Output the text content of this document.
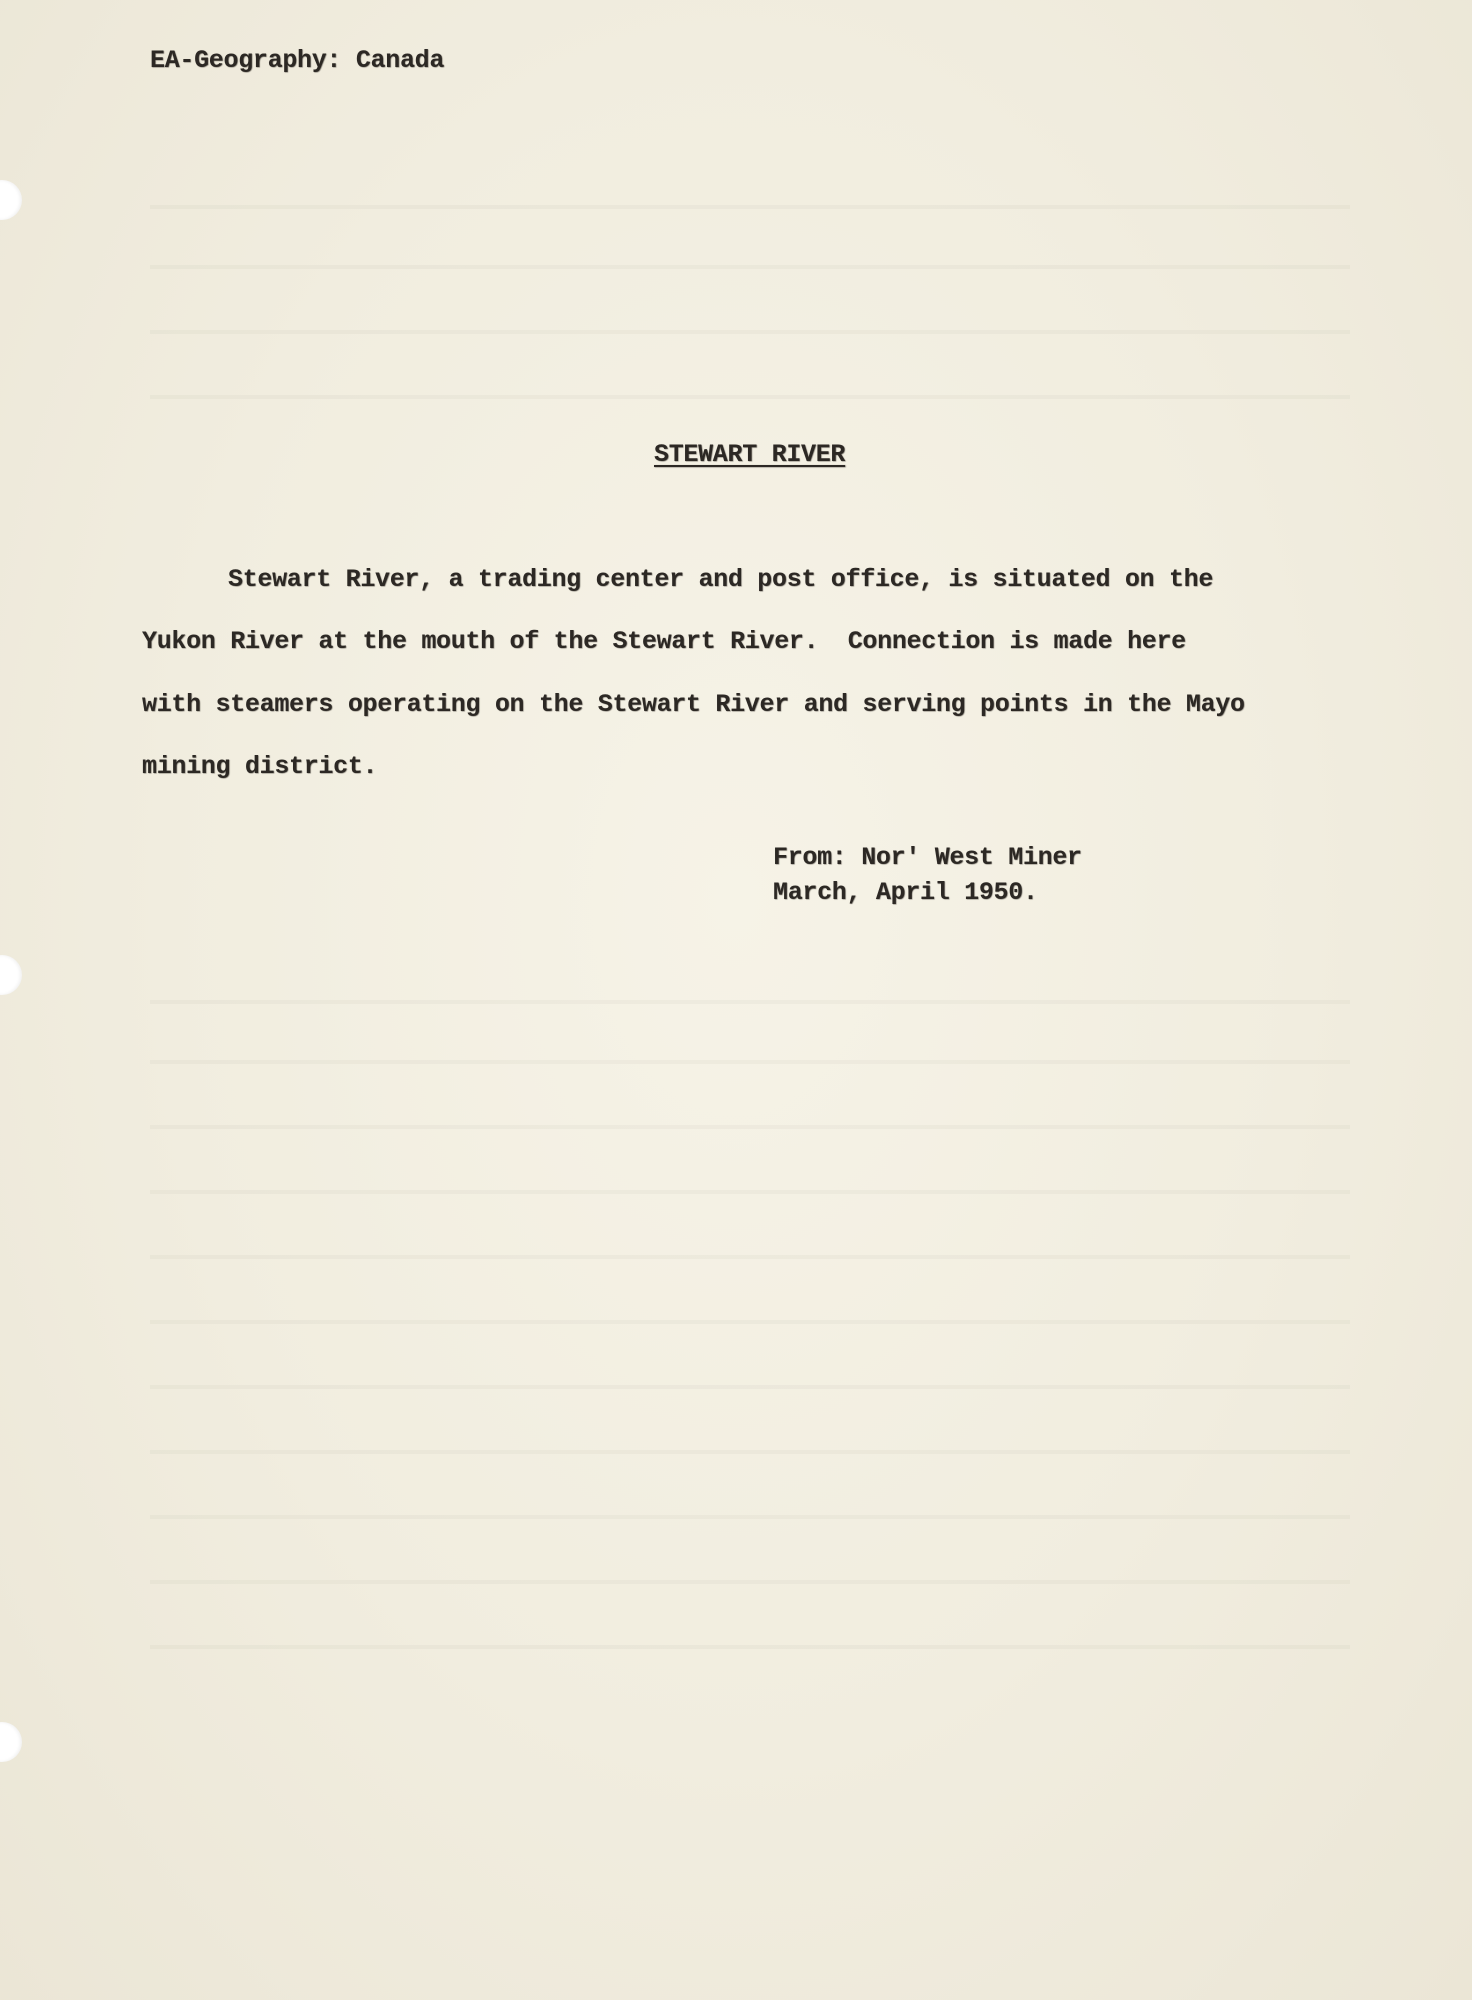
EA-Geography: Canada
STEWART RIVER
Stewart River, a trading center and post office, is situated on the
Yukon River at the mouth of the Stewart River.  Connection is made here
with steamers operating on the Stewart River and serving points in the Mayo
mining district.
From: Nor' West Miner
March, April 1950.
